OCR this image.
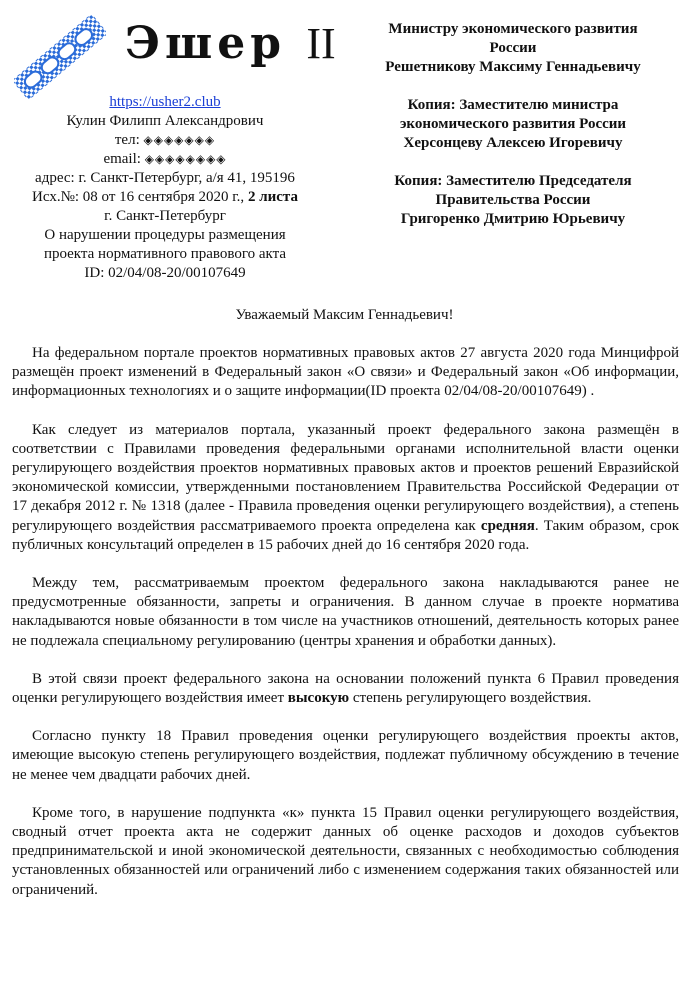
Эшер II
https://usher2.club
Кулин Филипп Александрович
тел: ◈◈◈◈◈◈◈
email: ◈◈◈◈◈◈◈◈
адрес: г. Санкт-Петербург, а/я 41, 195196
Исх.№: 08 от 16 сентября 2020 г., 2 листа
г. Санкт-Петербург
О нарушении процедуры размещения
проекта нормативного правового акта
ID: 02/04/08-20/00107649
Министру экономического развития
России
Решетникову Максиму Геннадьевичу
Копия: Заместителю министра
экономического развития России
Херсонцеву Алексею Игоревичу
Копия: Заместителю Председателя
Правительства России
Григоренко Дмитрию Юрьевичу
Уважаемый Максим Геннадьевич!

На федеральном портале проектов нормативных правовых актов 27 августа 2020 года Минцифрой размещён проект изменений в Федеральный закон «О связи» и Федеральный закон «Об информации, информационных технологиях и о защите информации(ID проекта 02/04/08-20/00107649) .

Как следует из материалов портала, указанный проект федерального закона размещён в соответствии с Правилами проведения федеральными органами исполнительной власти оценки регулирующего воздействия проектов нормативных правовых актов и проектов решений Евразийской экономической комиссии, утвержденными постановлением Правительства Российской Федерации от 17 декабря 2012 г. № 1318 (далее - Правила проведения оценки регулирующего воздействия), а степень регулирующего воздействия рассматриваемого проекта определена как средняя. Таким образом, срок публичных консультаций определен в 15 рабочих дней до 16 сентября 2020 года.

Между тем, рассматриваемым проектом федерального закона накладываются ранее не предусмотренные обязанности, запреты и ограничения. В данном случае в проекте норматива накладываются новые обязанности в том числе на участников отношений, деятельность которых ранее не подлежала специальному регулированию (центры хранения и обработки данных).

В этой связи проект федерального закона на основании положений пункта 6 Правил проведения оценки регулирующего воздействия имеет высокую степень регулирующего воздействия.

Согласно пункту 18 Правил проведения оценки регулирующего воздействия проекты актов, имеющие высокую степень регулирующего воздействия, подлежат публичному обсуждению в течение не менее чем двадцати рабочих дней.

Кроме того, в нарушение подпункта «к» пункта 15 Правил оценки регулирующего воздействия, сводный отчет проекта акта не содержит данных об оценке расходов и доходов субъектов предпринимательской и иной экономической деятельности, связанных с необходимостью соблюдения установленных обязанностей или ограничений либо с изменением содержания таких обязанностей или ограничений.
